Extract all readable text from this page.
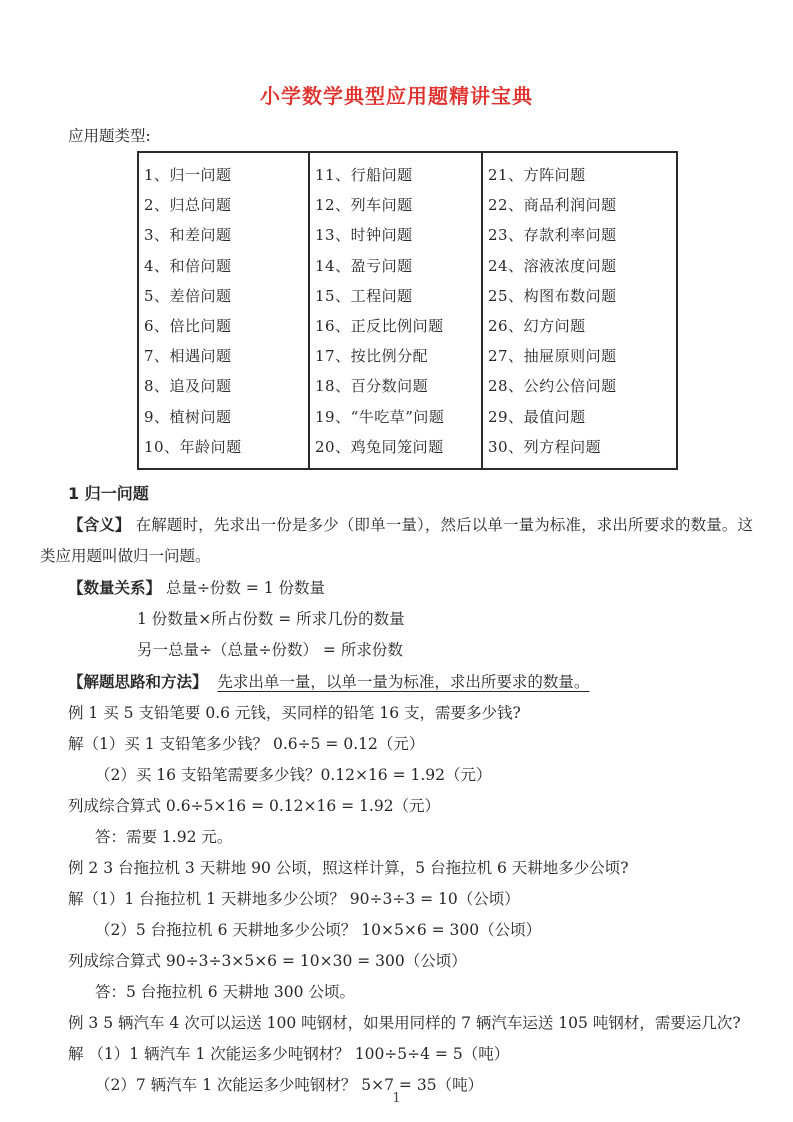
小学数学典型应用题精讲宝典
应用题类型:
1、归一问题
2、归总问题
3、和差问题
4、和倍问题
5、差倍问题
6、倍比问题
7、相遇问题
8、追及问题
9、植树问题
10、年龄问题
11、行船问题
12、列车问题
13、时钟问题
14、盈亏问题
15、工程问题
16、正反比例问题
17、按比例分配
18、百分数问题
19、“牛吃草”问题
20、鸡兔同笼问题
21、方阵问题
22、商品利润问题
23、存款利率问题
24、溶液浓度问题
25、构图布数问题
26、幻方问题
27、抽屉原则问题
28、公约公倍问题
29、最值问题
30、列方程问题

1 归一问题

【含义】 在解题时，先求出一份是多少（即单一量），然后以单一量为标准，求出所要求的数量。这类应用题叫做归一问题。

【数量关系】 总量÷份数 = 1 份数量

1 份数量×所占份数 = 所求几份的数量

另一总量÷（总量÷份数） = 所求份数

【解题思路和方法】 先求出单一量，以单一量为标准，求出所要求的数量。

例 1 买 5 支铅笔要 0.6 元钱，买同样的铅笔 16 支，需要多少钱?

解（1）买 1 支铅笔多少钱？ 0.6÷5 = 0.12（元）

（2）买 16 支铅笔需要多少钱？0.12×16 = 1.92（元）

列成综合算式 0.6÷5×16 = 0.12×16 = 1.92（元）

答：需要 1.92 元。

例 2 3 台拖拉机 3 天耕地 90 公顷，照这样计算，5 台拖拉机 6 天耕地多少公顷?

解（1）1 台拖拉机 1 天耕地多少公顷？ 90÷3÷3 = 10（公顷）

（2）5 台拖拉机 6 天耕地多少公顷？ 10×5×6 = 300（公顷）

列成综合算式 90÷3÷3×5×6 = 10×30 = 300（公顷）

答：5 台拖拉机 6 天耕地 300 公顷。

例 3 5 辆汽车 4 次可以运送 100 吨钢材，如果用同样的 7 辆汽车运送 105 吨钢材，需要运几次?

解 （1）1 辆汽车 1 次能运多少吨钢材？ 100÷5÷4 = 5（吨）

（2）7 辆汽车 1 次能运多少吨钢材？ 5×7 = 35（吨）

1
